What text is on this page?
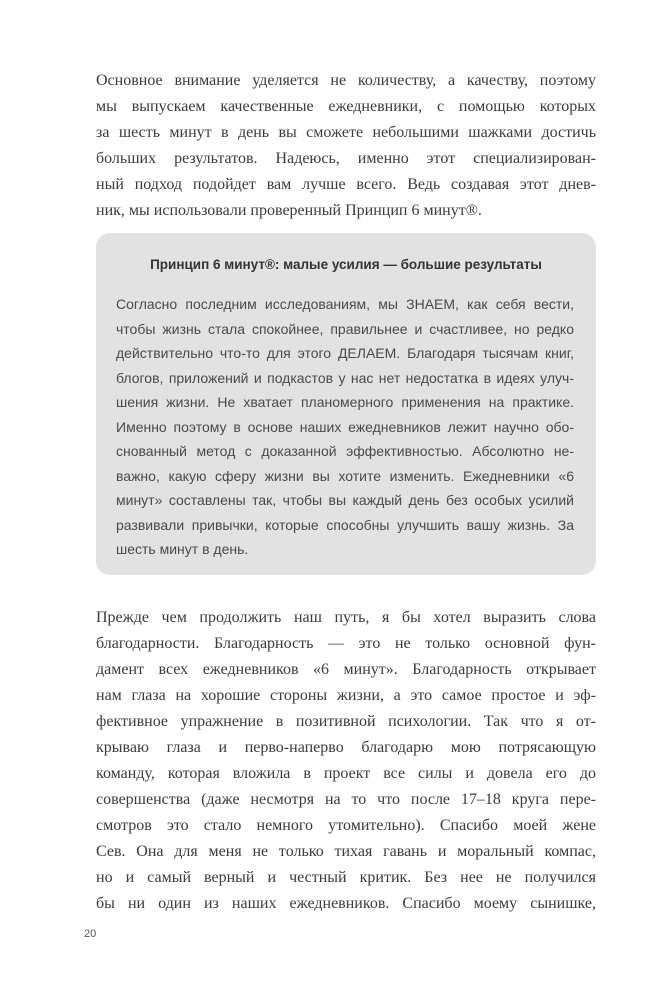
Основное внимание уделяется не количеству, а качеству, поэтому
мы выпускаем качественные ежедневники, с помощью которых
за шесть минут в день вы сможете небольшими шажками достичь
больших результатов. Надеюсь, именно этот специализирован-
ный подход подойдет вам лучше всего. Ведь создавая этот днев-
ник, мы использовали проверенный Принцип 6 минут®.
Принцип 6 минут®: малые усилия — большие результаты
Согласно последним исследованиям, мы ЗНАЕМ, как себя вести,
чтобы жизнь стала спокойнее, правильнее и счастливее, но редко
действительно что-то для этого ДЕЛАЕМ. Благодаря тысячам книг,
блогов, приложений и подкастов у нас нет недостатка в идеях улуч-
шения жизни. Не хватает планомерного применения на практике.
Именно поэтому в основе наших ежедневников лежит научно обо-
снованный метод с доказанной эффективностью. Абсолютно не-
важно, какую сферу жизни вы хотите изменить. Ежедневники «6
минут» составлены так, чтобы вы каждый день без особых усилий
развивали привычки, которые способны улучшить вашу жизнь. За
шесть минут в день.
Прежде чем продолжить наш путь, я бы хотел выразить слова
благодарности. Благодарность — это не только основной фун-
дамент всех ежедневников «6 минут». Благодарность открывает
нам глаза на хорошие стороны жизни, а это самое простое и эф-
фективное упражнение в позитивной психологии. Так что я от-
крываю глаза и перво-наперво благодарю мою потрясающую
команду, которая вложила в проект все силы и довела его до
совершенства (даже несмотря на то что после 17–18 круга пере-
смотров это стало немного утомительно). Спасибо моей жене
Сев. Она для меня не только тихая гавань и моральный компас,
но и самый верный и честный критик. Без нее не получился
бы ни один из наших ежедневников. Спасибо моему сынишке,
20
